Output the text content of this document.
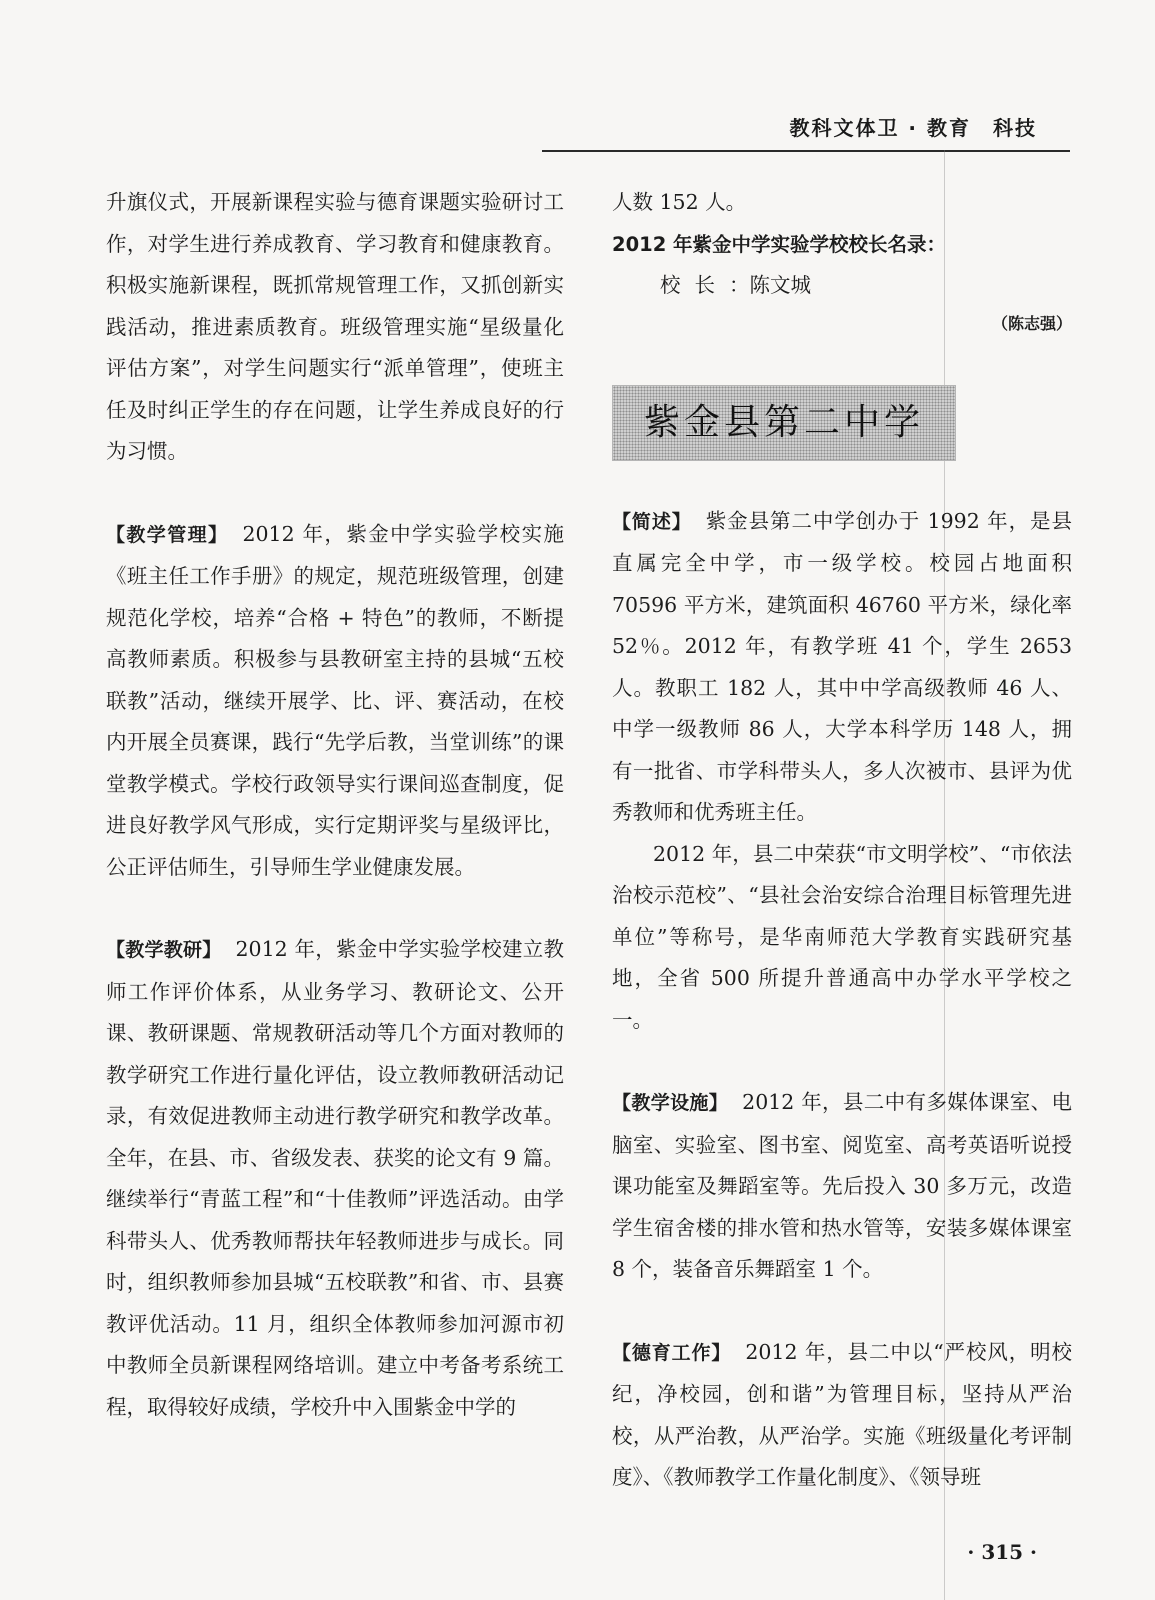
教科文体卫 · 教育　科技

升旗仪式，开展新课程实验与德育课题实验研讨工作，对学生进行养成教育、学习教育和健康教育。积极实施新课程，既抓常规管理工作，又抓创新实践活动，推进素质教育。班级管理实施“星级量化评估方案”，对学生问题实行“派单管理”，使班主任及时纠正学生的存在问题，让学生养成良好的行为习惯。

【教学管理】 2012 年，紫金中学实验学校实施《班主任工作手册》的规定，规范班级管理，创建规范化学校，培养“合格 + 特色”的教师，不断提高教师素质。积极参与县教研室主持的县城“五校联教”活动，继续开展学、比、评、赛活动，在校内开展全员赛课，践行“先学后教，当堂训练”的课堂教学模式。学校行政领导实行课间巡查制度，促进良好教学风气形成，实行定期评奖与星级评比，公正评估师生，引导师生学业健康发展。

【教学教研】 2012 年，紫金中学实验学校建立教师工作评价体系，从业务学习、教研论文、公开课、教研课题、常规教研活动等几个方面对教师的教学研究工作进行量化评估，设立教师教研活动记录，有效促进教师主动进行教学研究和教学改革。全年，在县、市、省级发表、获奖的论文有 9 篇。继续举行“青蓝工程”和“十佳教师”评选活动。由学科带头人、优秀教师帮扶年轻教师进步与成长。同时，组织教师参加县城“五校联教”和省、市、县赛教评优活动。11 月，组织全体教师参加河源市初中教师全员新课程网络培训。建立中考备考系统工程，取得较好成绩，学校升中入围紫金中学的

人数 152 人。

2012 年紫金中学实验学校校长名录：

校长：陈文城

（陈志强）

紫金县第二中学

【简述】 紫金县第二中学创办于 1992 年，是县直属完全中学，市一级学校。校园占地面积 70596 平方米，建筑面积 46760 平方米，绿化率 52％。2012 年，有教学班 41 个，学生 2653 人。教职工 182 人，其中中学高级教师 46 人、中学一级教师 86 人，大学本科学历 148 人，拥有一批省、市学科带头人，多人次被市、县评为优秀教师和优秀班主任。

2012 年，县二中荣获“市文明学校”、“市依法治校示范校”、“县社会治安综合治理目标管理先进单位”等称号，是华南师范大学教育实践研究基地，全省 500 所提升普通高中办学水平学校之一。

【教学设施】 2012 年，县二中有多媒体课室、电脑室、实验室、图书室、阅览室、高考英语听说授课功能室及舞蹈室等。先后投入 30 多万元，改造学生宿舍楼的排水管和热水管等，安装多媒体课室 8 个，装备音乐舞蹈室 1 个。

【德育工作】 2012 年，县二中以“严校风，明校纪，净校园，创和谐”为管理目标，坚持从严治校，从严治教，从严治学。实施《班级量化考评制度》、《教师教学工作量化制度》、《领导班

· 315 ·
